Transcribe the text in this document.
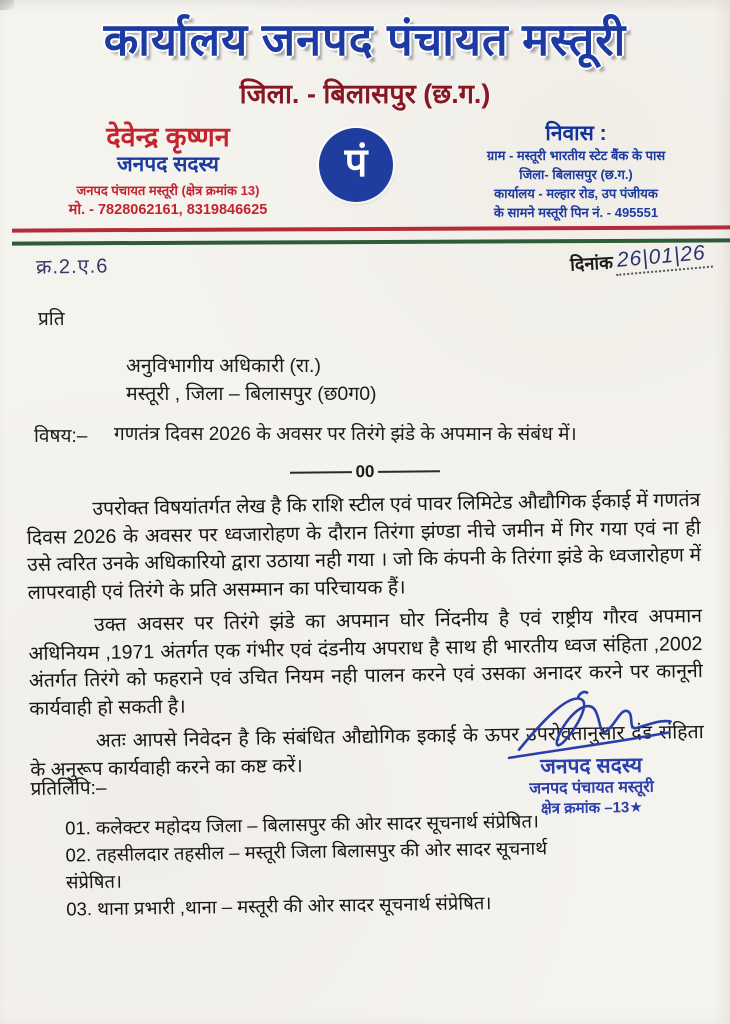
कार्यालय जनपद पंचायत मस्तूरी
जिला. - बिलासपुर (छ.ग.)
देवेन्द्र कृष्णन
जनपद सदस्य
जनपद पंचायत मस्तूरी (क्षेत्र क्रमांक 13)
मो. - 7828062161, 8319846625
पं
निवास :
ग्राम - मस्तूरी भारतीय स्टेट बैंक के पास
जिला- बिलासपुर (छ.ग.)
कार्यालय - मल्हार रोड, उप पंजीयक
के सामने मस्तूरी पिन नं. - 495551
क्र.2.ए.6	दिनांक 26|01|26
प्रति
अनुविभागीय अधिकारी (रा.)
मस्तूरी , जिला – बिलासपुर (छ0ग0)
विषय:–	गणतंत्र दिवस 2026 के अवसर पर तिरंगे झंडे के अपमान के संबंध में।
00

उपरोक्त विषयांतर्गत लेख है कि राशि स्टील एवं पावर लिमिटेड औद्यौगिक ईकाई में गणतंत्र दिवस 2026 के अवसर पर ध्वजारोहण के दौरान तिरंगा झंण्डा नीचे जमीन में गिर गया एवं ना ही उसे त्वरित उनके अधिकारियो द्वारा उठाया नही गया । जो कि कंपनी के तिरंगा झंडे के ध्वजारोहण में लापरवाही एवं तिरंगे के प्रति असम्मान का परिचायक हैं।

उक्त अवसर पर तिरंगे झंडे का अपमान घोर निंदनीय है एवं राष्ट्रीय गौरव अपमान अधिनियम ,1971 अंतर्गत एक गंभीर एवं दंडनीय अपराध है साथ ही भारतीय ध्वज संहिता ,2002 अंतर्गत तिरंगे को फहराने एवं उचित नियम नही पालन करने एवं उसका अनादर करने पर कानूनी कार्यवाही हो सकती है।

अतः आपसे निवेदन है कि संबंधित औद्योगिक इकाई के ऊपर उपरोक्तानुसार दंड संहिता के अनुरूप कार्यवाही करने का कष्ट करें।	जनपद सदस्य
जनपद पंचायत मस्तूरी
क्षेत्र क्रमांक –13★
प्रतिलिपि:–
01. कलेक्टर महोदय जिला – बिलासपुर की ओर सादर सूचनार्थ संप्रेषित।
02. तहसीलदार तहसील – मस्तूरी जिला बिलासपुर की ओर सादर सूचनार्थ संप्रेषित।
03. थाना प्रभारी ,थाना – मस्तूरी की ओर सादर सूचनार्थ संप्रेषित।
